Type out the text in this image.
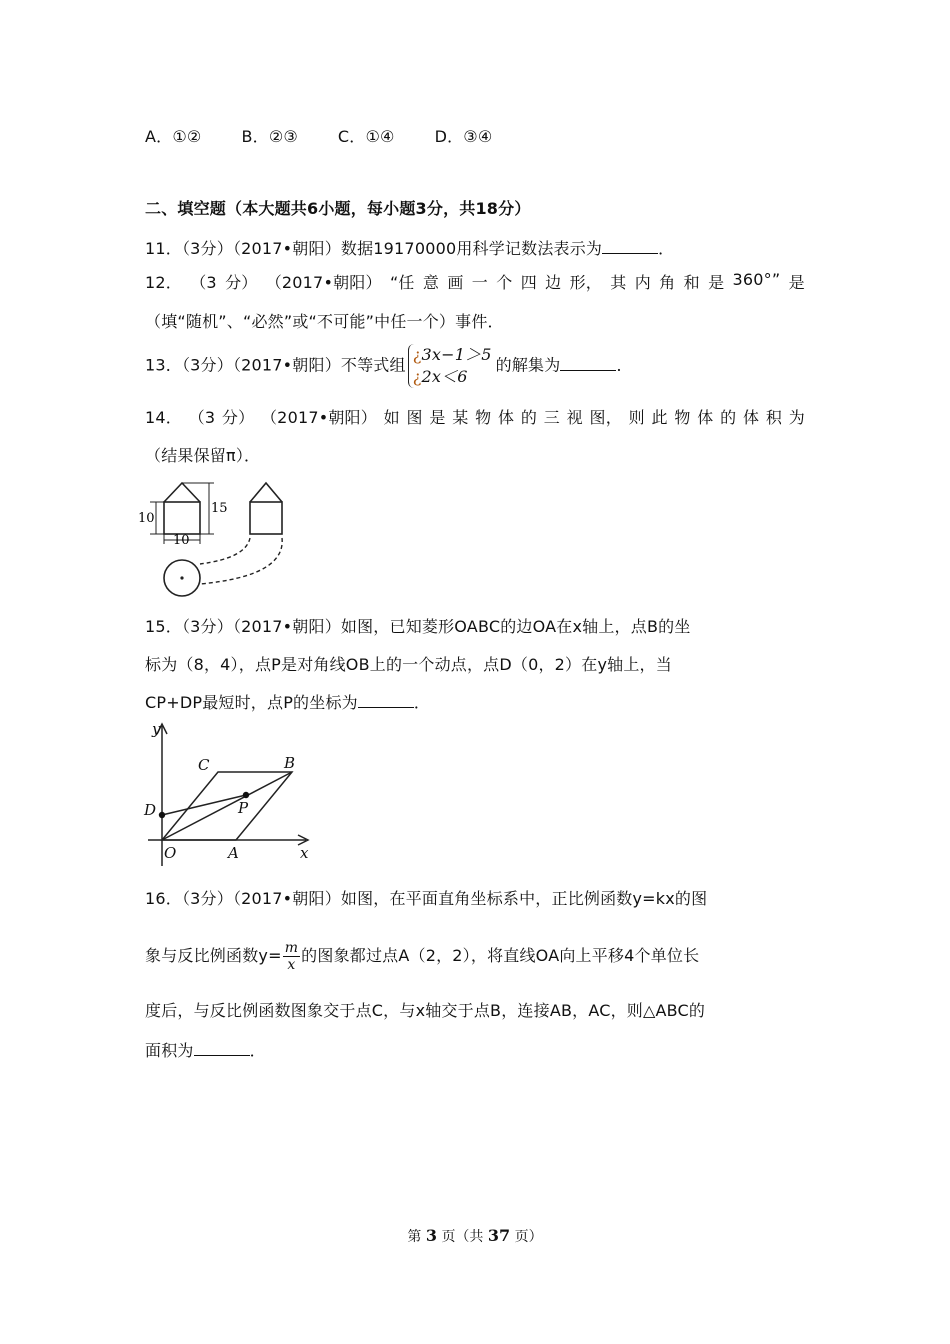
A．①②	B．②③	C．①④	D．③④
二、填空题（本大题共6小题，每小题3分，共18分）
11．（3分）（2017•朝阳）数据19170000用科学记数法表示为	．
12． （3 分） （2017•朝阳） “任 意 画 一 个 四 边 形， 其 内 角 和 是 360°” 是
（填“随机”、“必然”或“不可能”中任一个）事件．
13．（3分）（2017•朝阳）不等式组
¿3x−1＞5
¿2x＜6
的解集为	．
14． （3 分） （2017•朝阳） 如 图 是 某 物 体 的 三 视 图， 则 此 物 体 的 体 积 为
（结果保留π）．
10
15
10
15．（3分）（2017•朝阳）如图，已知菱形OABC的边OA在x轴上，点B的坐
标为（8，4），点P是对角线OB上的一个动点，点D（0，2）在y轴上，当
CP+DP最短时，点P的坐标为	．
y
x
O	A
B
C
D	P
16．（3分）（2017•朝阳）如图，在平面直角坐标系中，正比例函数y=kx的图
象与反比例函数$y= \frac{m}{x}$ 的图象都过点A（2，2），将直线OA向上平移4个单位长
度后，与反比例函数图象交于点C，与x轴交于点B，连接AB，AC，则△ABC的
面积为	．
第 3 页（共 37 页）
